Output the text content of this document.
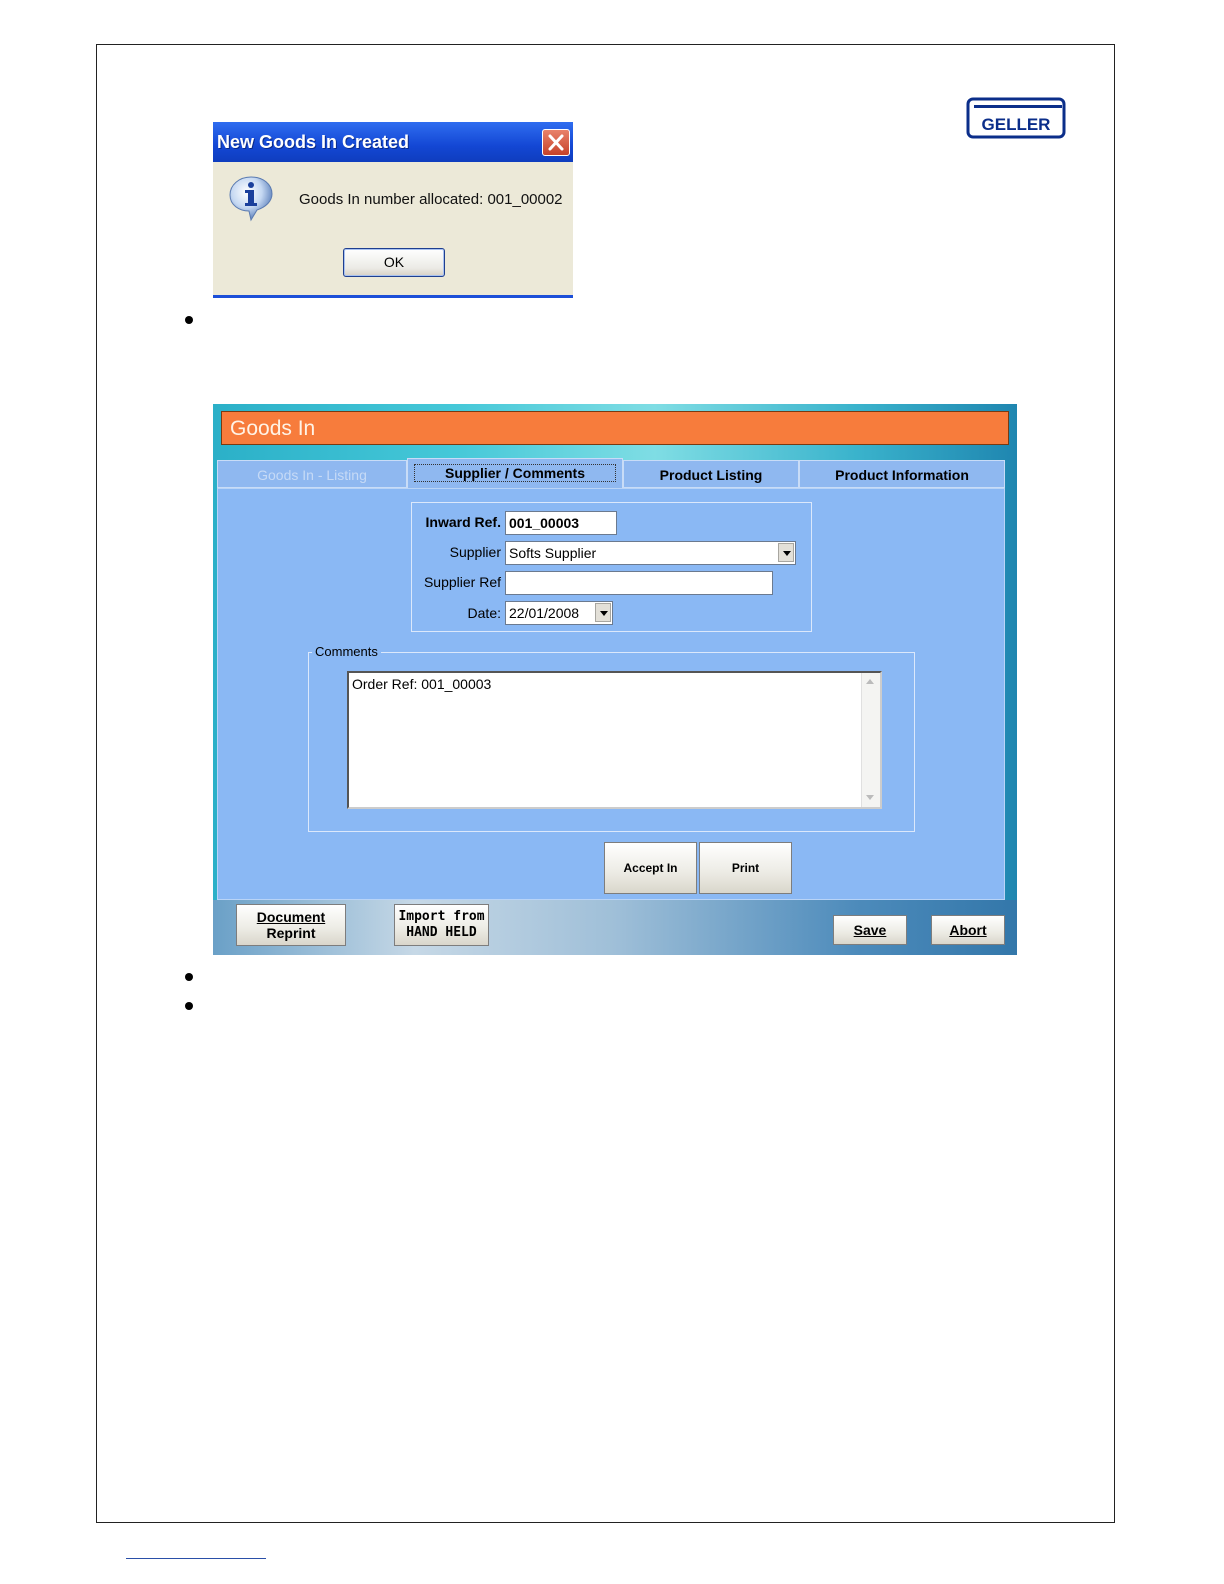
GELLER
New Goods In Created
Goods In number allocated: 001_00002
OK
Goods In
Goods In - Listing	Supplier / Comments	Product Listing	Product Information
Inward Ref. 001_00003
Supplier Softs Supplier
Supplier Ref
Date: 22/01/2008
Comments
Order Ref: 001_00003
Accept In	Print
Document
Reprint
Import from
HAND HELD	Save	Abort
